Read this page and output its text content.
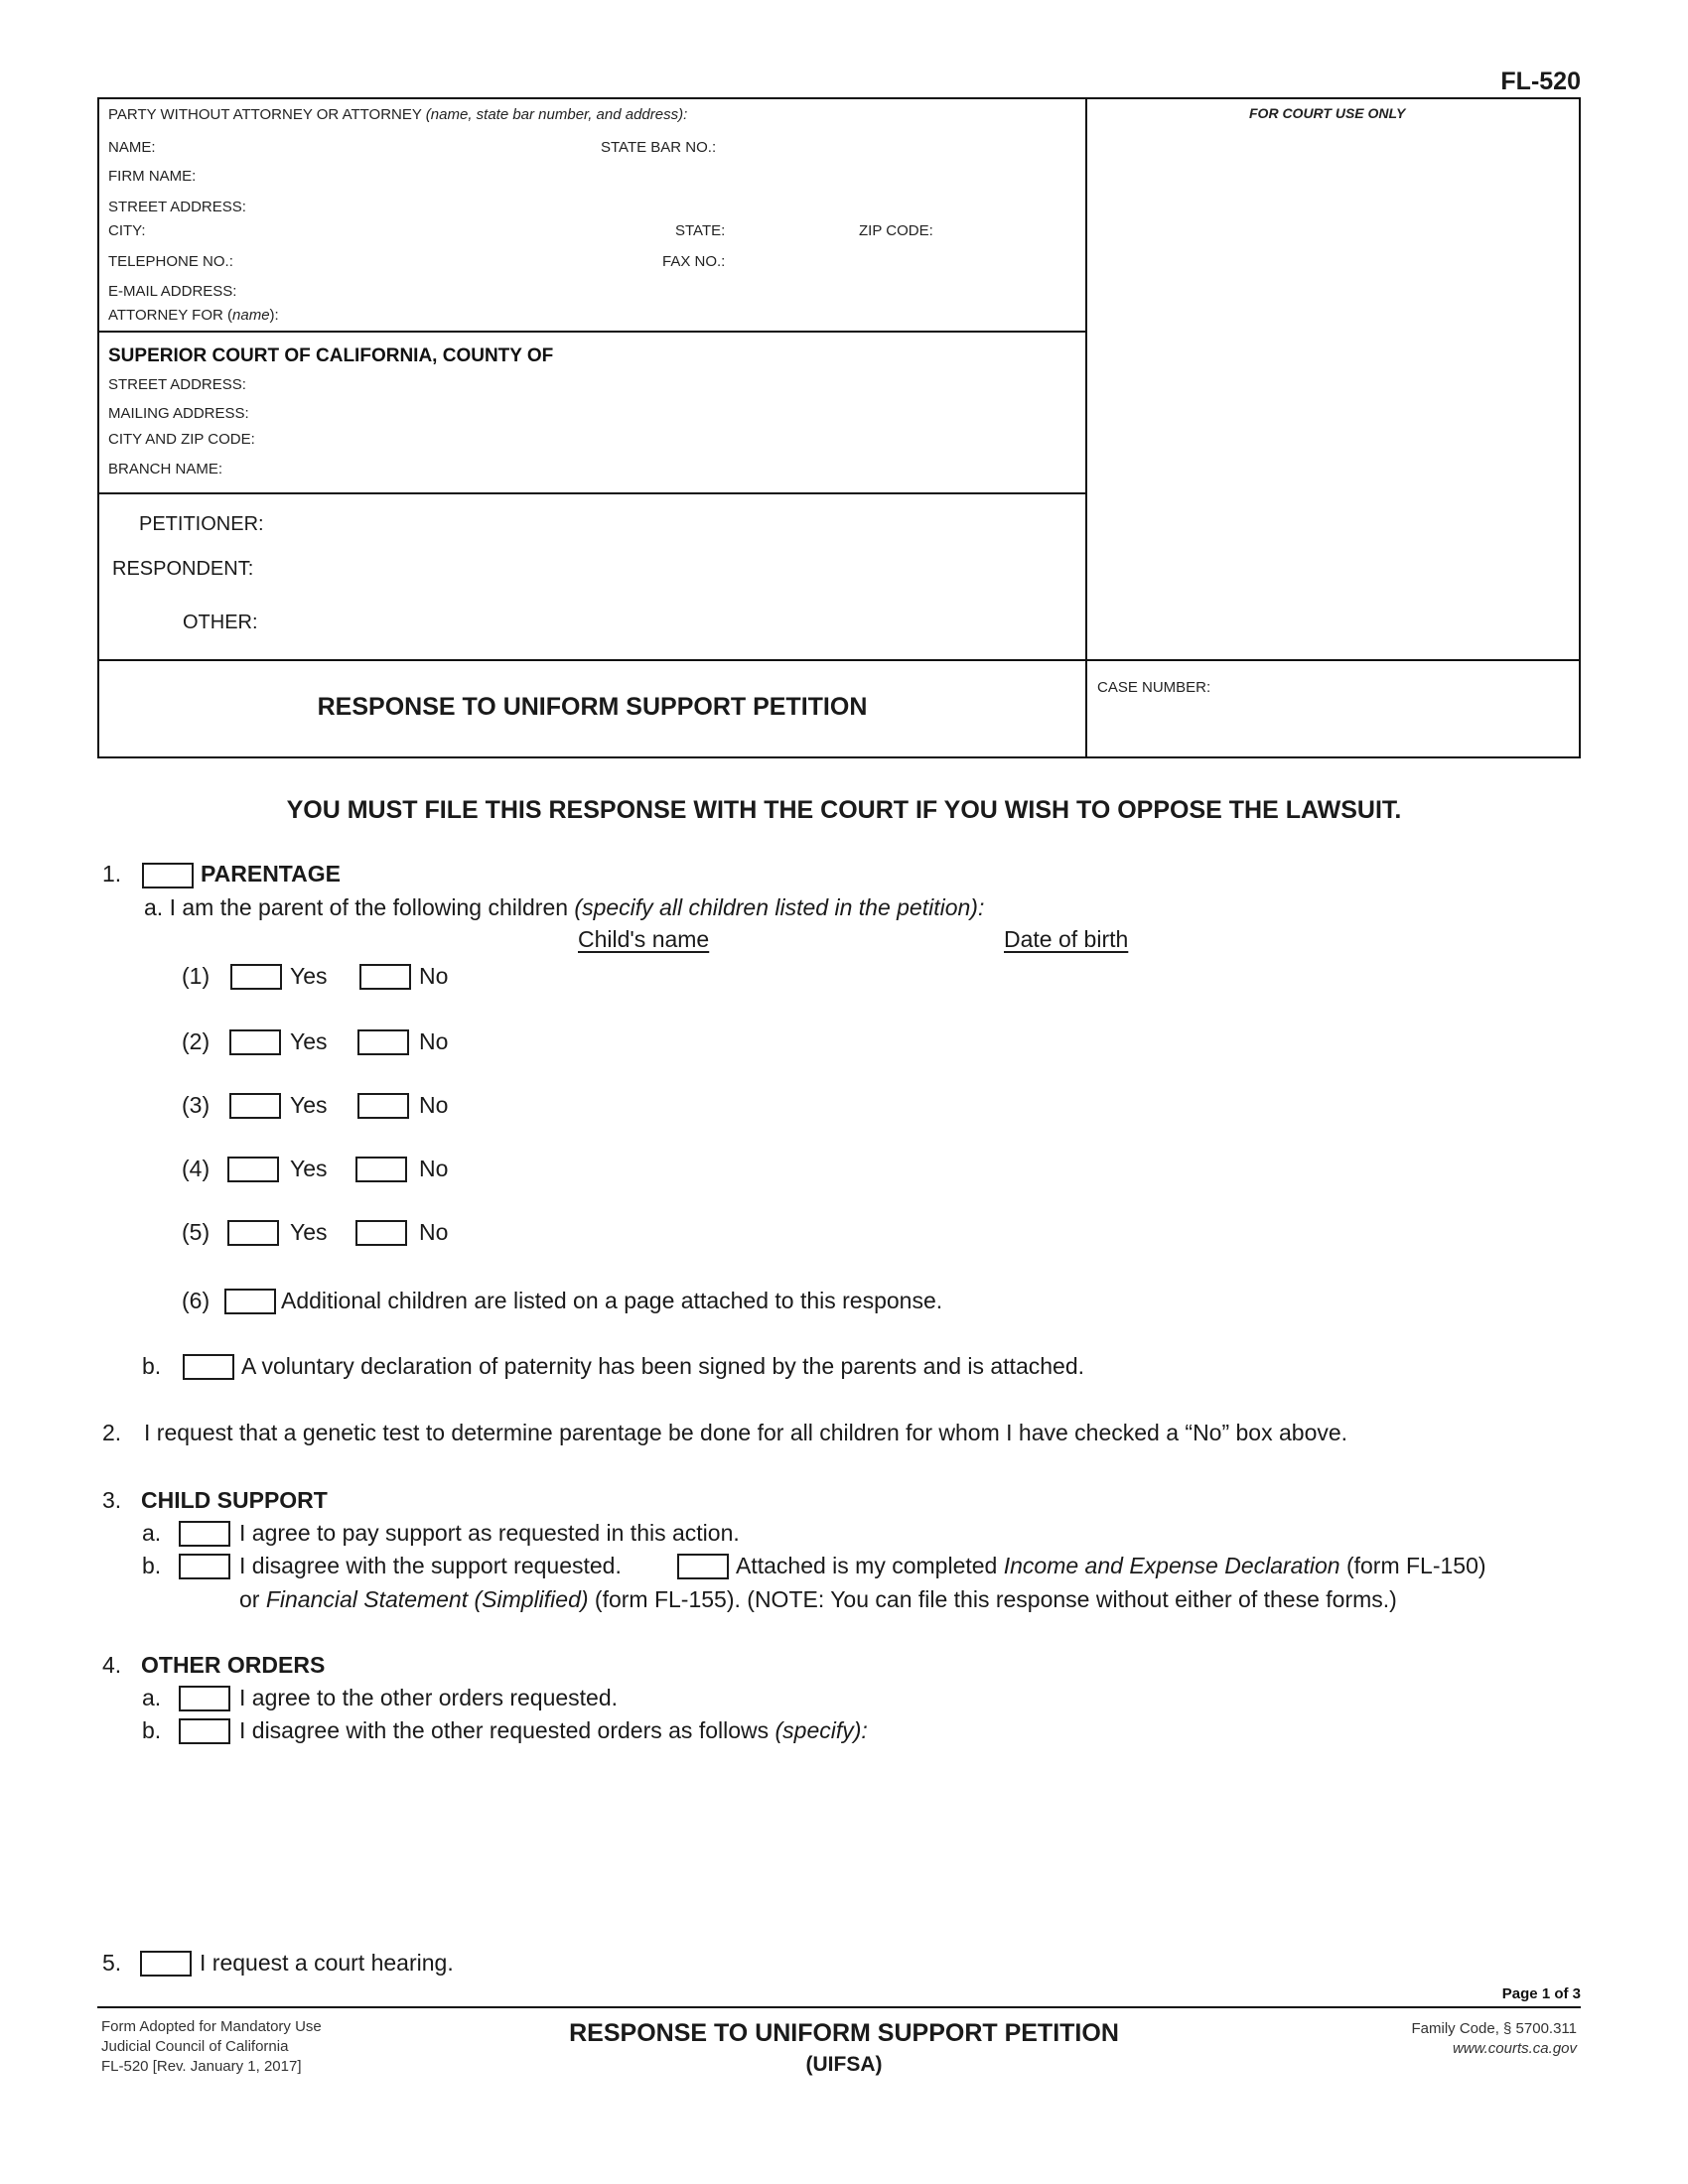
FL-520
PARTY WITHOUT ATTORNEY OR ATTORNEY (name, state bar number, and address):
NAME:	STATE BAR NO.:
FIRM NAME:
STREET ADDRESS:
CITY:	STATE:	ZIP CODE:
TELEPHONE NO.:	FAX NO.:
E-MAIL ADDRESS:
ATTORNEY FOR (name):
FOR COURT USE ONLY
SUPERIOR COURT OF CALIFORNIA, COUNTY OF
STREET ADDRESS:
MAILING ADDRESS:
CITY AND ZIP CODE:
BRANCH NAME:
PETITIONER:
RESPONDENT:
OTHER:
RESPONSE TO UNIFORM SUPPORT PETITION
CASE NUMBER:
YOU MUST FILE THIS RESPONSE WITH THE COURT IF YOU WISH TO OPPOSE THE LAWSUIT.
1.	PARENTAGE
a. I am the parent of the following children (specify all children listed in the petition):
Child's name	Date of birth
(1)	Yes	No
(2)	Yes	No
(3)	Yes	No
(4)	Yes	No
(5)	Yes	No
(6)	Additional children are listed on a page attached to this response.
b.	A voluntary declaration of paternity has been signed by the parents and is attached.
2. I request that a genetic test to determine parentage be done for all children for whom I have checked a “No” box above.
3. CHILD SUPPORT
a.	I agree to pay support as requested in this action.
b.	I disagree with the support requested.	Attached is my completed Income and Expense Declaration (form FL-150)
or Financial Statement (Simplified) (form FL-155). (NOTE: You can file this response without either of these forms.)
4. OTHER ORDERS
a.	I agree to the other orders requested.
b.	I disagree with the other requested orders as follows (specify):
5.	I request a court hearing.
Page 1 of 3
Form Adopted for Mandatory Use
Judicial Council of California
FL-520 [Rev. January 1, 2017]
RESPONSE TO UNIFORM SUPPORT PETITION
(UIFSA)
Family Code, § 5700.311
www.courts.ca.gov
